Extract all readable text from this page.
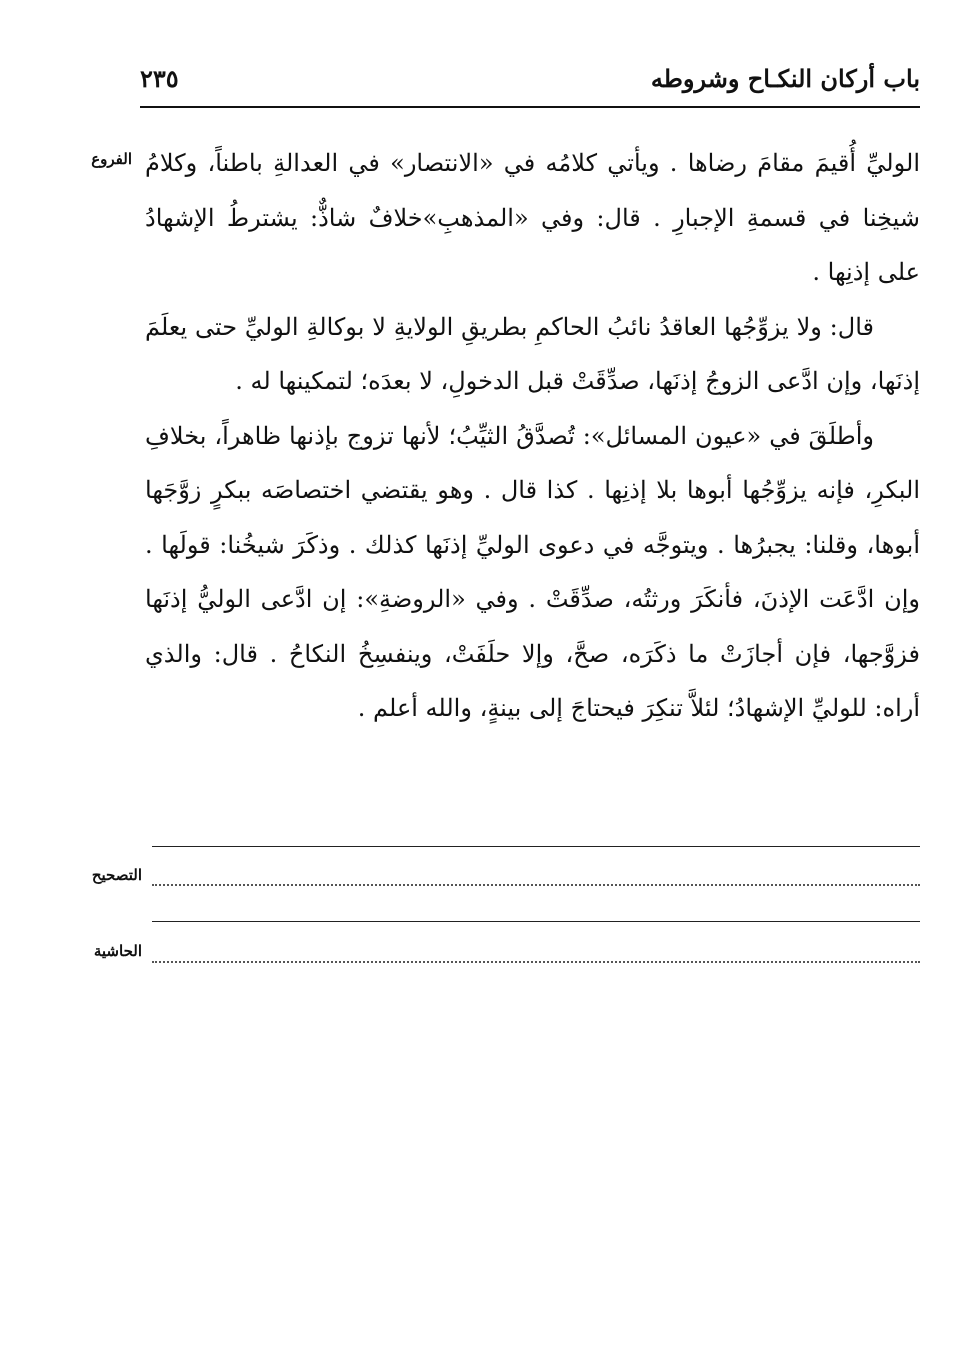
باب أركان النكـاح وشروطه
٢٣٥
الفروع الوليِّ أُقيمَ مقامَ رضاها . ويأتي كلامُه في «الانتصار» في العدالةِ باطناً، وكلامُ شيخِنا في قسمةِ الإجبارِ . قال: وفي «المذهبِ»خلافٌ شاذٌّ: يشترطُ الإشهادُ على إذنِها .

قال: ولا يزوِّجُها العاقدُ نائبُ الحاكمِ بطريقِ الولايةِ لا بوكالةِ الوليِّ حتى يعلَمَ إذنَها، وإن ادَّعى الزوجُ إذنَها، صدِّقَتْ قبل الدخولِ، لا بعدَه؛ لتمكينها له .

وأطلَقَ في «عيون المسائل»: تُصدَّقُ الثيِّبُ؛ لأنها تزوج بإذنها ظاهراً، بخلافِ البكرِ، فإنه يزوِّجُها أبوها بلا إذنِها . كذا قال . وهو يقتضي اختصاصَه ببكرٍ زوَّجَها أبوها، وقلنا: يجبرُها . ويتوجَّه في دعوى الوليِّ إذنَها كذلك . وذكَرَ شيخُنا: قولَها . وإن ادَّعَت الإذنَ، فأنكَرَ ورثتُه، صدِّقَتْ . وفي «الروضةِ»: إن ادَّعى الوليُّ إذنَها فزوَّجها، فإن أجازَتْ ما ذكَرَه، صحَّ، وإلا حلَفَتْ، وينفسِخُ النكاحُ . قال: والذي أراه: للوليِّ الإشهادُ؛ لئلاَّ تنكِرَ فيحتاجَ إلى بينةٍ، والله أعلم .

التصحيح
الحاشية
